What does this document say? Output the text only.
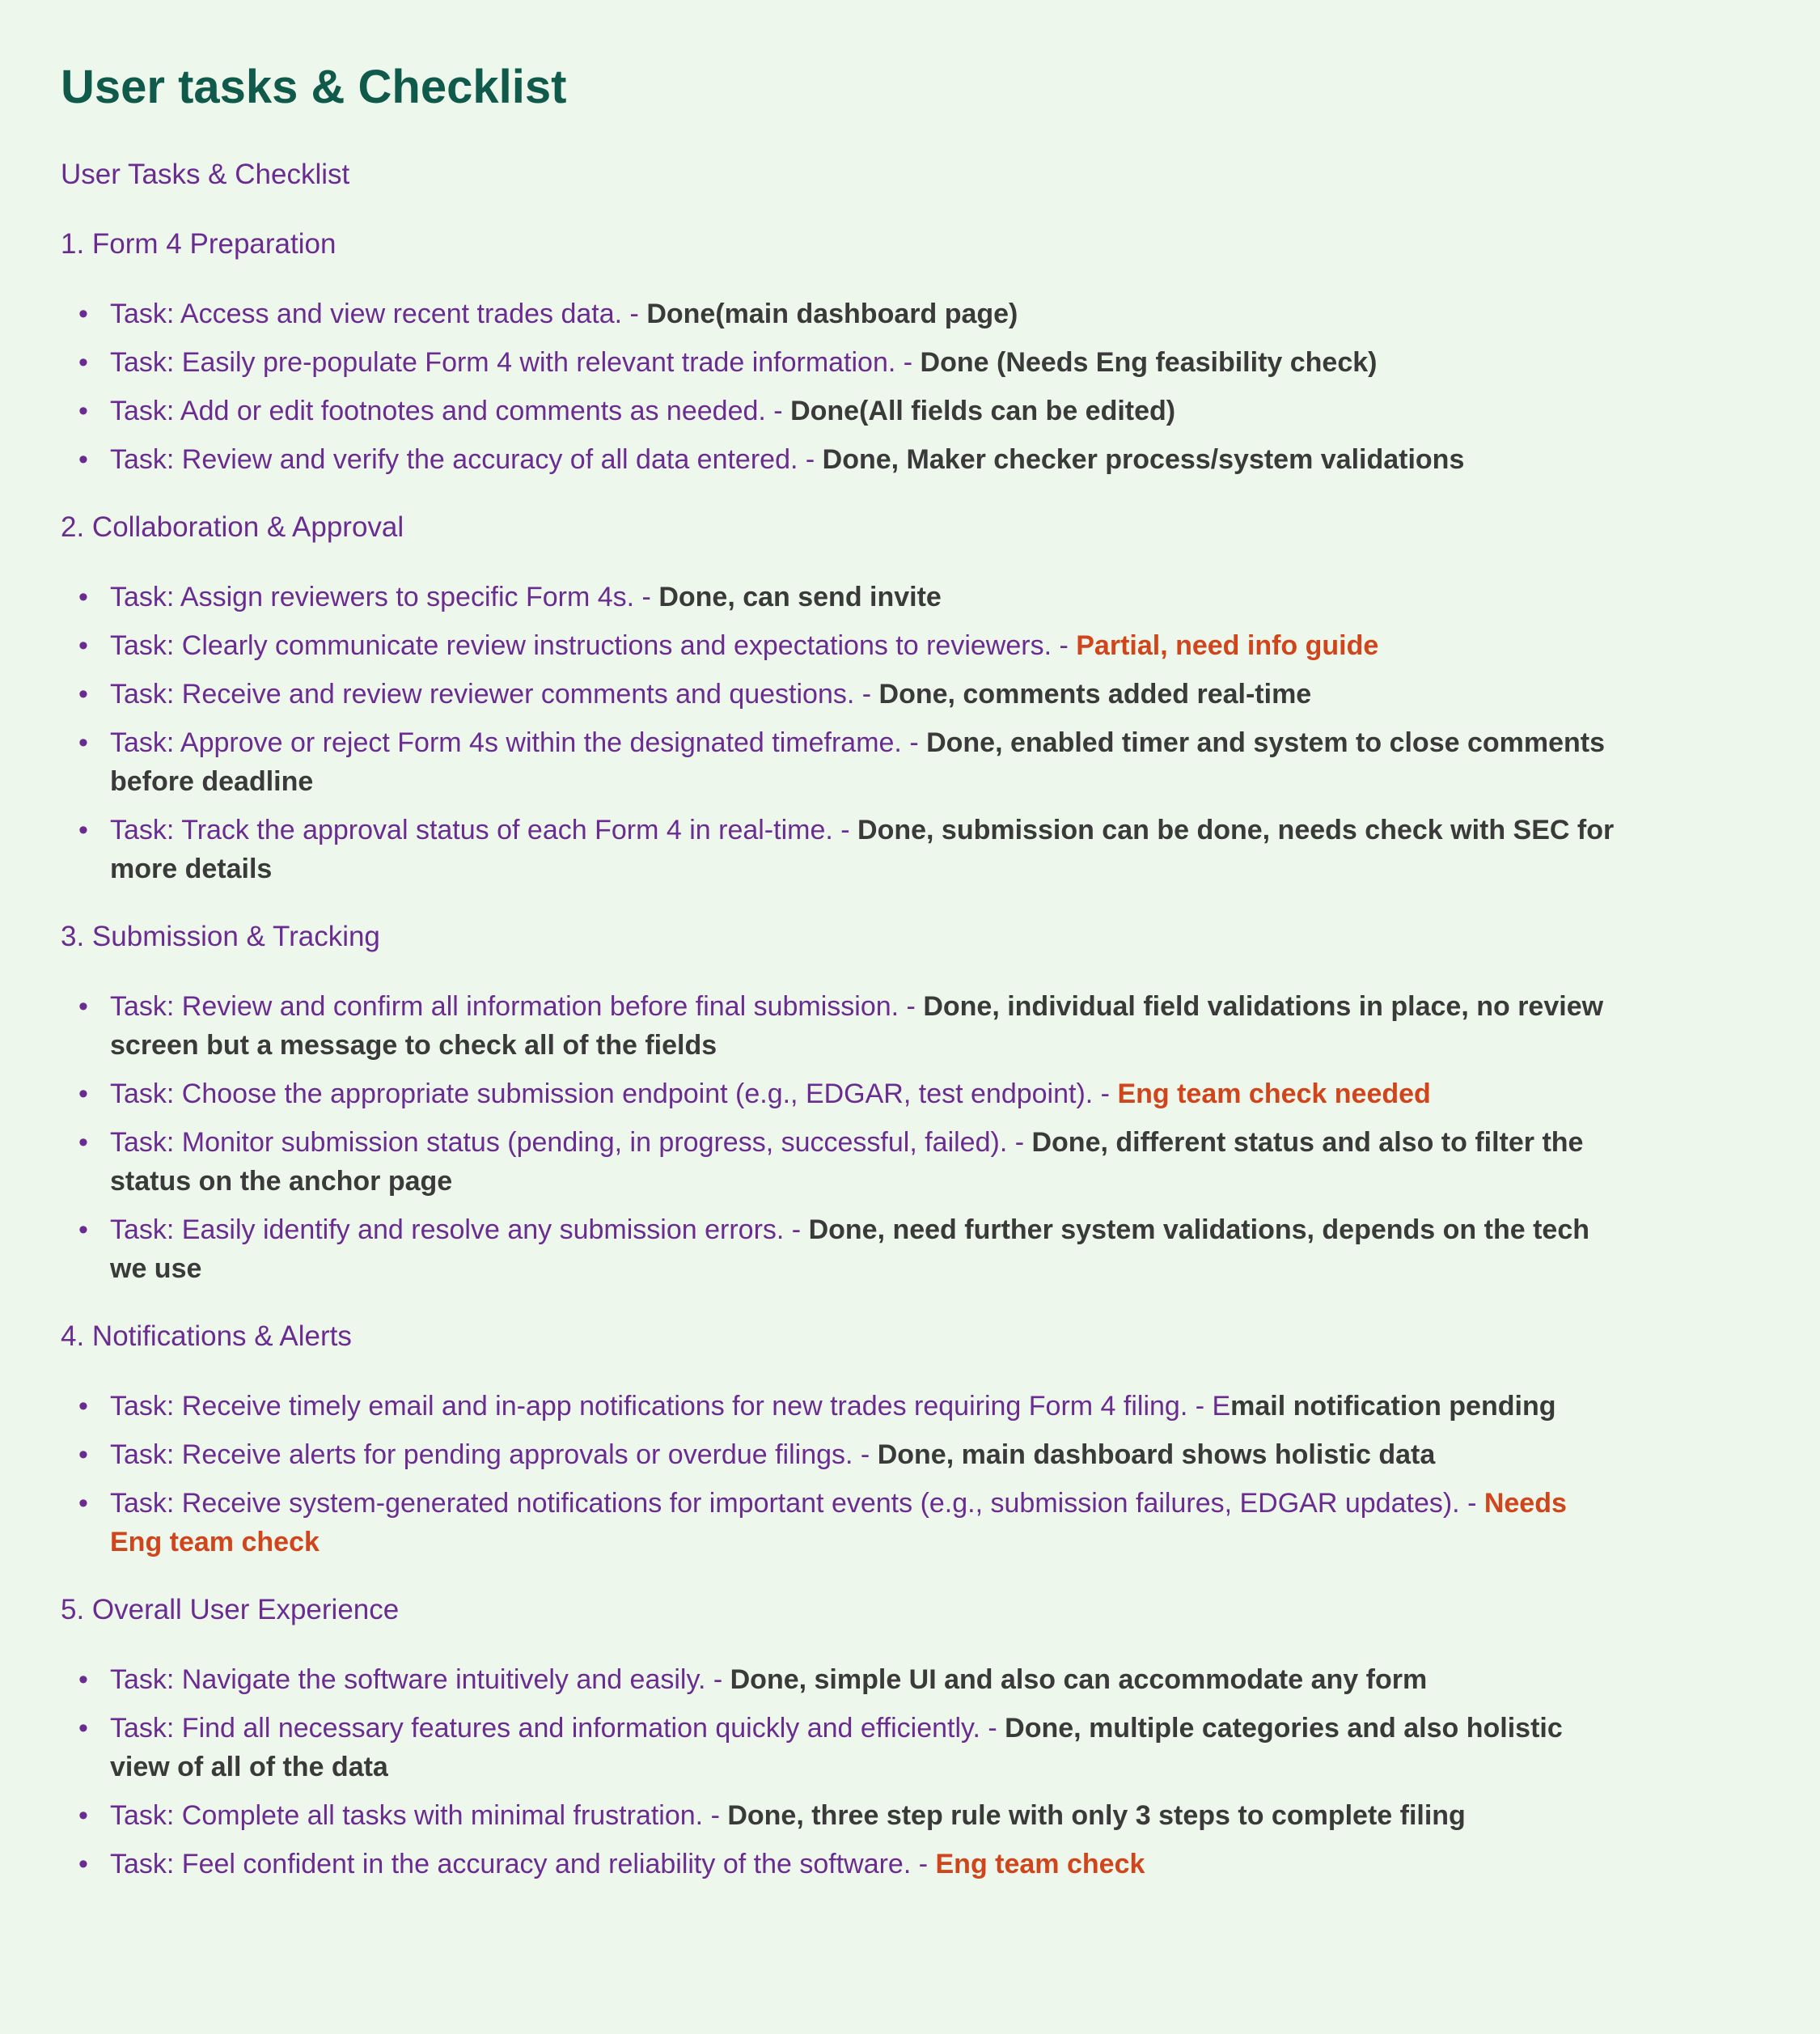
User tasks & Checklist

User Tasks & Checklist

1. Form 4 Preparation

• Task: Access and view recent trades data. - Done(main dashboard page)
• Task: Easily pre-populate Form 4 with relevant trade information. - Done (Needs Eng feasibility check)
• Task: Add or edit footnotes and comments as needed. - Done(All fields can be edited)
• Task: Review and verify the accuracy of all data entered. - Done, Maker checker process/system validations

2. Collaboration & Approval

• Task: Assign reviewers to specific Form 4s. - Done, can send invite
• Task: Clearly communicate review instructions and expectations to reviewers. - Partial, need info guide
• Task: Receive and review reviewer comments and questions. - Done, comments added real-time
• Task: Approve or reject Form 4s within the designated timeframe. - Done, enabled timer and system to close comments before deadline
• Task: Track the approval status of each Form 4 in real-time. - Done, submission can be done, needs check with SEC for more details

3. Submission & Tracking

• Task: Review and confirm all information before final submission. - Done, individual field validations in place, no review screen but a message to check all of the fields
• Task: Choose the appropriate submission endpoint (e.g., EDGAR, test endpoint). - Eng team check needed
• Task: Monitor submission status (pending, in progress, successful, failed). - Done, different status and also to filter the status on the anchor page
• Task: Easily identify and resolve any submission errors. - Done, need further system validations, depends on the tech we use

4. Notifications & Alerts

• Task: Receive timely email and in-app notifications for new trades requiring Form 4 filing. - Email notification pending
• Task: Receive alerts for pending approvals or overdue filings. - Done, main dashboard shows holistic data
• Task: Receive system-generated notifications for important events (e.g., submission failures, EDGAR updates). - Needs Eng team check

5. Overall User Experience

• Task: Navigate the software intuitively and easily. - Done, simple UI and also can accommodate any form
• Task: Find all necessary features and information quickly and efficiently. - Done, multiple categories and also holistic view of all of the data
• Task: Complete all tasks with minimal frustration. - Done, three step rule with only 3 steps to complete filing
• Task: Feel confident in the accuracy and reliability of the software. - Eng team check
